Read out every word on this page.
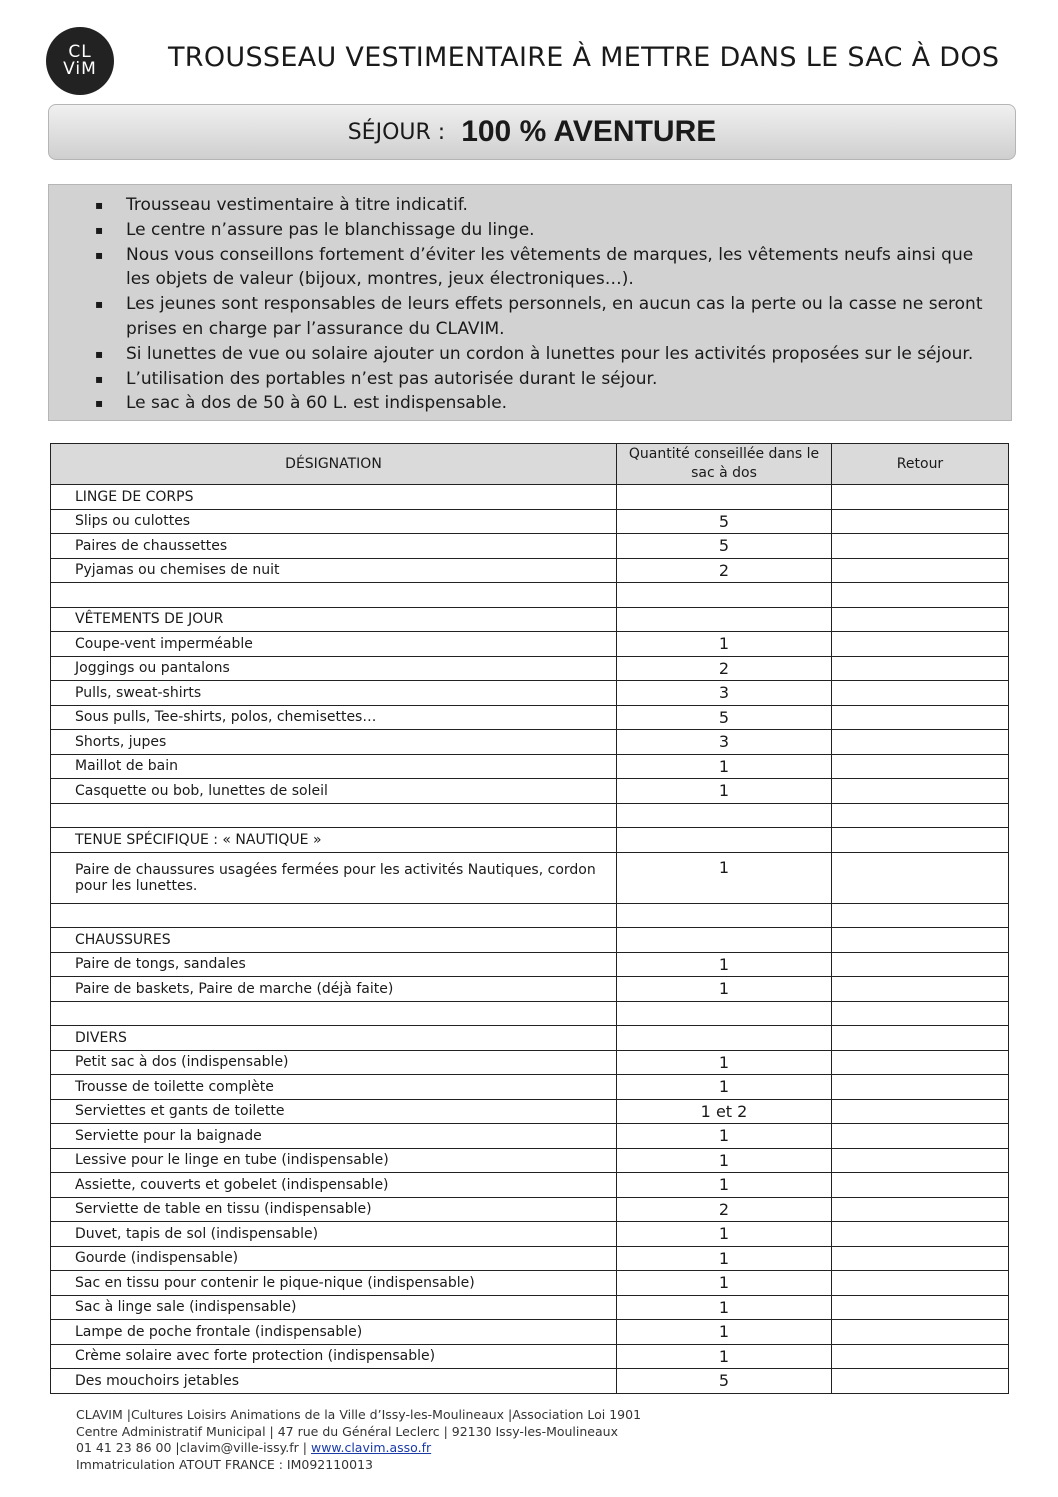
CL
ViM	TROUSSEAU VESTIMENTAIRE À METTRE DANS LE SAC À DOS
SÉJOUR : 100 % AVENTURE
▪ Trousseau vestimentaire à titre indicatif.
▪ Le centre n’assure pas le blanchissage du linge.
▪ Nous vous conseillons fortement d’éviter les vêtements de marques, les vêtements neufs ainsi que les objets de valeur (bijoux, montres, jeux électroniques…).
▪ Les jeunes sont responsables de leurs effets personnels, en aucun cas la perte ou la casse ne seront prises en charge par l’assurance du CLAVIM.
▪ Si lunettes de vue ou solaire ajouter un cordon à lunettes pour les activités proposées sur le séjour.
▪ L’utilisation des portables n’est pas autorisée durant le séjour.
▪ Le sac à dos de 50 à 60 L. est indispensable.
DÉSIGNATION	Quantité conseillée dans le sac à dos	Retour
LINGE DE CORPS		
Slips ou culottes	5	
Paires de chaussettes	5	
Pyjamas ou chemises de nuit	2	

VÊTEMENTS DE JOUR		
Coupe-vent imperméable	1	
Joggings ou pantalons	2	
Pulls, sweat-shirts	3	
Sous pulls, Tee-shirts, polos, chemisettes…	5	
Shorts, jupes	3	
Maillot de bain	1	
Casquette ou bob, lunettes de soleil	1	

TENUE SPÉCIFIQUE : « NAUTIQUE »		
Paire de chaussures usagées fermées pour les activités Nautiques, cordon pour les lunettes.	1	

CHAUSSURES		
Paire de tongs, sandales	1	
Paire de baskets, Paire de marche (déjà faite)	1	

DIVERS		
Petit sac à dos (indispensable)	1	
Trousse de toilette complète	1	
Serviettes et gants de toilette	1 et 2	
Serviette pour la baignade	1	
Lessive pour le linge en tube (indispensable)	1	
Assiette, couverts et gobelet (indispensable)	1	
Serviette de table en tissu (indispensable)	2	
Duvet, tapis de sol (indispensable)	1	
Gourde (indispensable)	1	
Sac en tissu pour contenir le pique-nique (indispensable)	1	
Sac à linge sale (indispensable)	1	
Lampe de poche frontale (indispensable)	1	
Crème solaire avec forte protection (indispensable)	1	
Des mouchoirs jetables	5	
CLAVIM |Cultures Loisirs Animations de la Ville d’Issy-les-Moulineaux |Association Loi 1901
Centre Administratif Municipal | 47 rue du Général Leclerc | 92130 Issy-les-Moulineaux
01 41 23 86 00 |clavim@ville-issy.fr | www.clavim.asso.fr
Immatriculation ATOUT FRANCE : IM092110013
